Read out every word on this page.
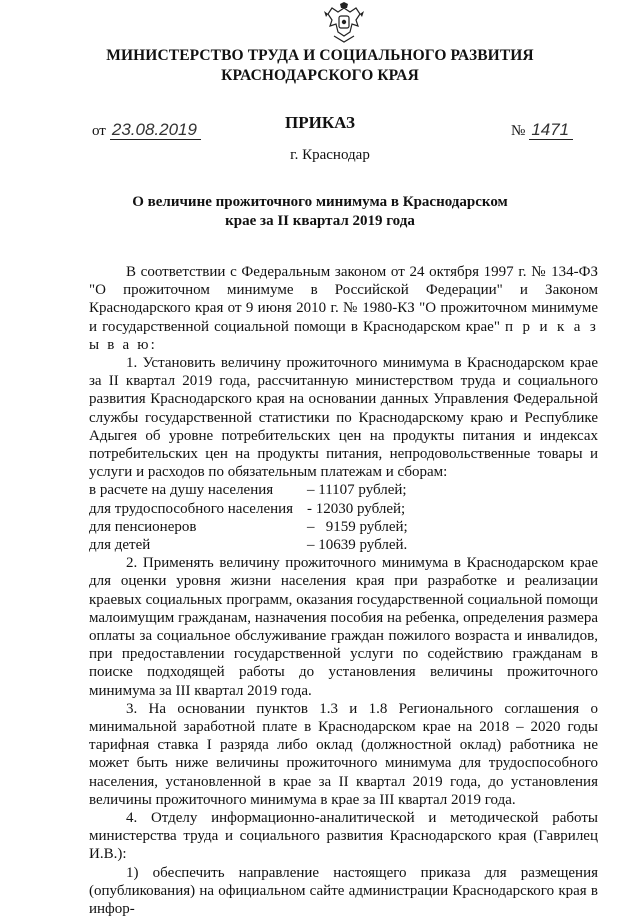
МИНИСТЕРСТВО ТРУДА И СОЦИАЛЬНОГО РАЗВИТИЯ
КРАСНОДАРСКОГО КРАЯ
ПРИКАЗ
от 23.08.2019	№ 1471
г. Краснодар
О величине прожиточного минимума в Краснодарском
крае за II квартал 2019 года

В соответствии с Федеральным законом от 24 октября 1997 г. № 134-ФЗ "О прожиточном минимуме в Российской Федерации" и Законом Краснодарского края от 9 июня 2010 г. № 1980-КЗ "О прожиточном минимуме и государственной социальной помощи в Краснодарском крае" п р и к а з ы в а ю:

1. Установить величину прожиточного минимума в Краснодарском крае за II квартал 2019 года, рассчитанную министерством труда и социального развития Краснодарского края на основании данных Управления Федеральной службы государственной статистики по Краснодарскому краю и Республике Адыгея об уровне потребительских цен на продукты питания и индексах потребительских цен на продукты питания, непродовольственные товары и услуги и расходов по обязательным платежам и сборам:

в расчете на душу населения	– 11107 рублей;
для трудоспособного населения - 12030 рублей;
для пенсионеров	–   9159 рублей;
для детей	– 10639 рублей.

2. Применять величину прожиточного минимума в Краснодарском крае для оценки уровня жизни населения края при разработке и реализации краевых социальных программ, оказания государственной социальной помощи малоимущим гражданам, назначения пособия на ребенка, определения размера оплаты за социальное обслуживание граждан пожилого возраста и инвалидов, при предоставлении государственной услуги по содействию гражданам в поиске подходящей работы до установления величины прожиточного минимума за III квартал 2019 года.

3. На основании пунктов 1.3 и 1.8 Регионального соглашения о минимальной заработной плате в Краснодарском крае на 2018 – 2020 годы тарифная ставка I разряда либо оклад (должностной оклад) работника не может быть ниже величины прожиточного минимума для трудоспособного населения, установленной в крае за II квартал 2019 года, до установления величины прожиточного минимума в крае за III квартал 2019 года.

4. Отделу информационно-аналитической и методической работы министерства труда и социального развития Краснодарского края (Гаврилец И.В.):

1) обеспечить направление настоящего приказа для размещения (опубликования) на официальном сайте администрации Краснодарского края в инфор-
